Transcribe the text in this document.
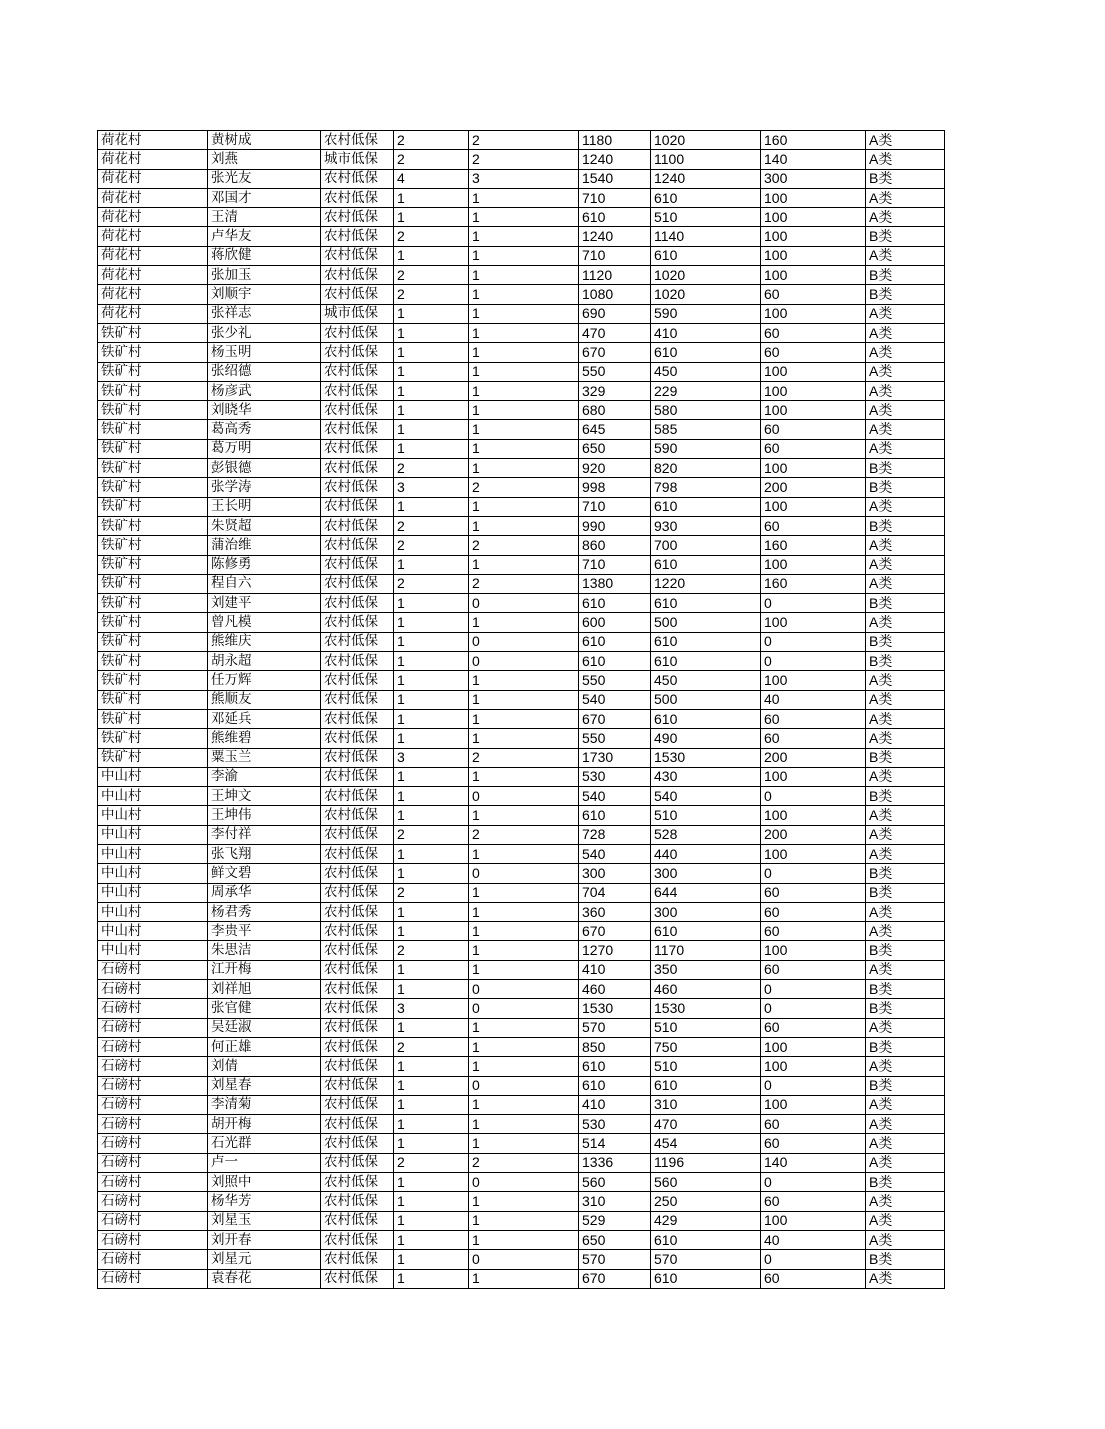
荷花村	黄树成	农村低保	2	2	1180	1020	160	A类
荷花村	刘燕	城市低保	2	2	1240	1100	140	A类
荷花村	张光友	农村低保	4	3	1540	1240	300	B类
荷花村	邓国才	农村低保	1	1	710	610	100	A类
荷花村	王清	农村低保	1	1	610	510	100	A类
荷花村	卢华友	农村低保	2	1	1240	1140	100	B类
荷花村	蒋欣健	农村低保	1	1	710	610	100	A类
荷花村	张加玉	农村低保	2	1	1120	1020	100	B类
荷花村	刘顺宇	农村低保	2	1	1080	1020	60	B类
荷花村	张祥志	城市低保	1	1	690	590	100	A类
铁矿村	张少礼	农村低保	1	1	470	410	60	A类
铁矿村	杨玉明	农村低保	1	1	670	610	60	A类
铁矿村	张绍德	农村低保	1	1	550	450	100	A类
铁矿村	杨彦武	农村低保	1	1	329	229	100	A类
铁矿村	刘晓华	农村低保	1	1	680	580	100	A类
铁矿村	葛高秀	农村低保	1	1	645	585	60	A类
铁矿村	葛万明	农村低保	1	1	650	590	60	A类
铁矿村	彭银德	农村低保	2	1	920	820	100	B类
铁矿村	张学涛	农村低保	3	2	998	798	200	B类
铁矿村	王长明	农村低保	1	1	710	610	100	A类
铁矿村	朱贤超	农村低保	2	1	990	930	60	B类
铁矿村	蒲治维	农村低保	2	2	860	700	160	A类
铁矿村	陈修勇	农村低保	1	1	710	610	100	A类
铁矿村	程自六	农村低保	2	2	1380	1220	160	A类
铁矿村	刘建平	农村低保	1	0	610	610	0	B类
铁矿村	曾凡模	农村低保	1	1	600	500	100	A类
铁矿村	熊维庆	农村低保	1	0	610	610	0	B类
铁矿村	胡永超	农村低保	1	0	610	610	0	B类
铁矿村	任万辉	农村低保	1	1	550	450	100	A类
铁矿村	熊顺友	农村低保	1	1	540	500	40	A类
铁矿村	邓延兵	农村低保	1	1	670	610	60	A类
铁矿村	熊维碧	农村低保	1	1	550	490	60	A类
铁矿村	粟玉兰	农村低保	3	2	1730	1530	200	B类
中山村	李渝	农村低保	1	1	530	430	100	A类
中山村	王坤文	农村低保	1	0	540	540	0	B类
中山村	王坤伟	农村低保	1	1	610	510	100	A类
中山村	李付祥	农村低保	2	2	728	528	200	A类
中山村	张飞翔	农村低保	1	1	540	440	100	A类
中山村	鲜文碧	农村低保	1	0	300	300	0	B类
中山村	周承华	农村低保	2	1	704	644	60	B类
中山村	杨君秀	农村低保	1	1	360	300	60	A类
中山村	李贵平	农村低保	1	1	670	610	60	A类
中山村	朱思洁	农村低保	2	1	1270	1170	100	B类
石磅村	江开梅	农村低保	1	1	410	350	60	A类
石磅村	刘祥旭	农村低保	1	0	460	460	0	B类
石磅村	张官健	农村低保	3	0	1530	1530	0	B类
石磅村	吴廷淑	农村低保	1	1	570	510	60	A类
石磅村	何正雄	农村低保	2	1	850	750	100	B类
石磅村	刘倩	农村低保	1	1	610	510	100	A类
石磅村	刘星春	农村低保	1	0	610	610	0	B类
石磅村	李清菊	农村低保	1	1	410	310	100	A类
石磅村	胡开梅	农村低保	1	1	530	470	60	A类
石磅村	石光群	农村低保	1	1	514	454	60	A类
石磅村	卢一	农村低保	2	2	1336	1196	140	A类
石磅村	刘照中	农村低保	1	0	560	560	0	B类
石磅村	杨华芳	农村低保	1	1	310	250	60	A类
石磅村	刘星玉	农村低保	1	1	529	429	100	A类
石磅村	刘开春	农村低保	1	1	650	610	40	A类
石磅村	刘星元	农村低保	1	0	570	570	0	B类
石磅村	袁春花	农村低保	1	1	670	610	60	A类
